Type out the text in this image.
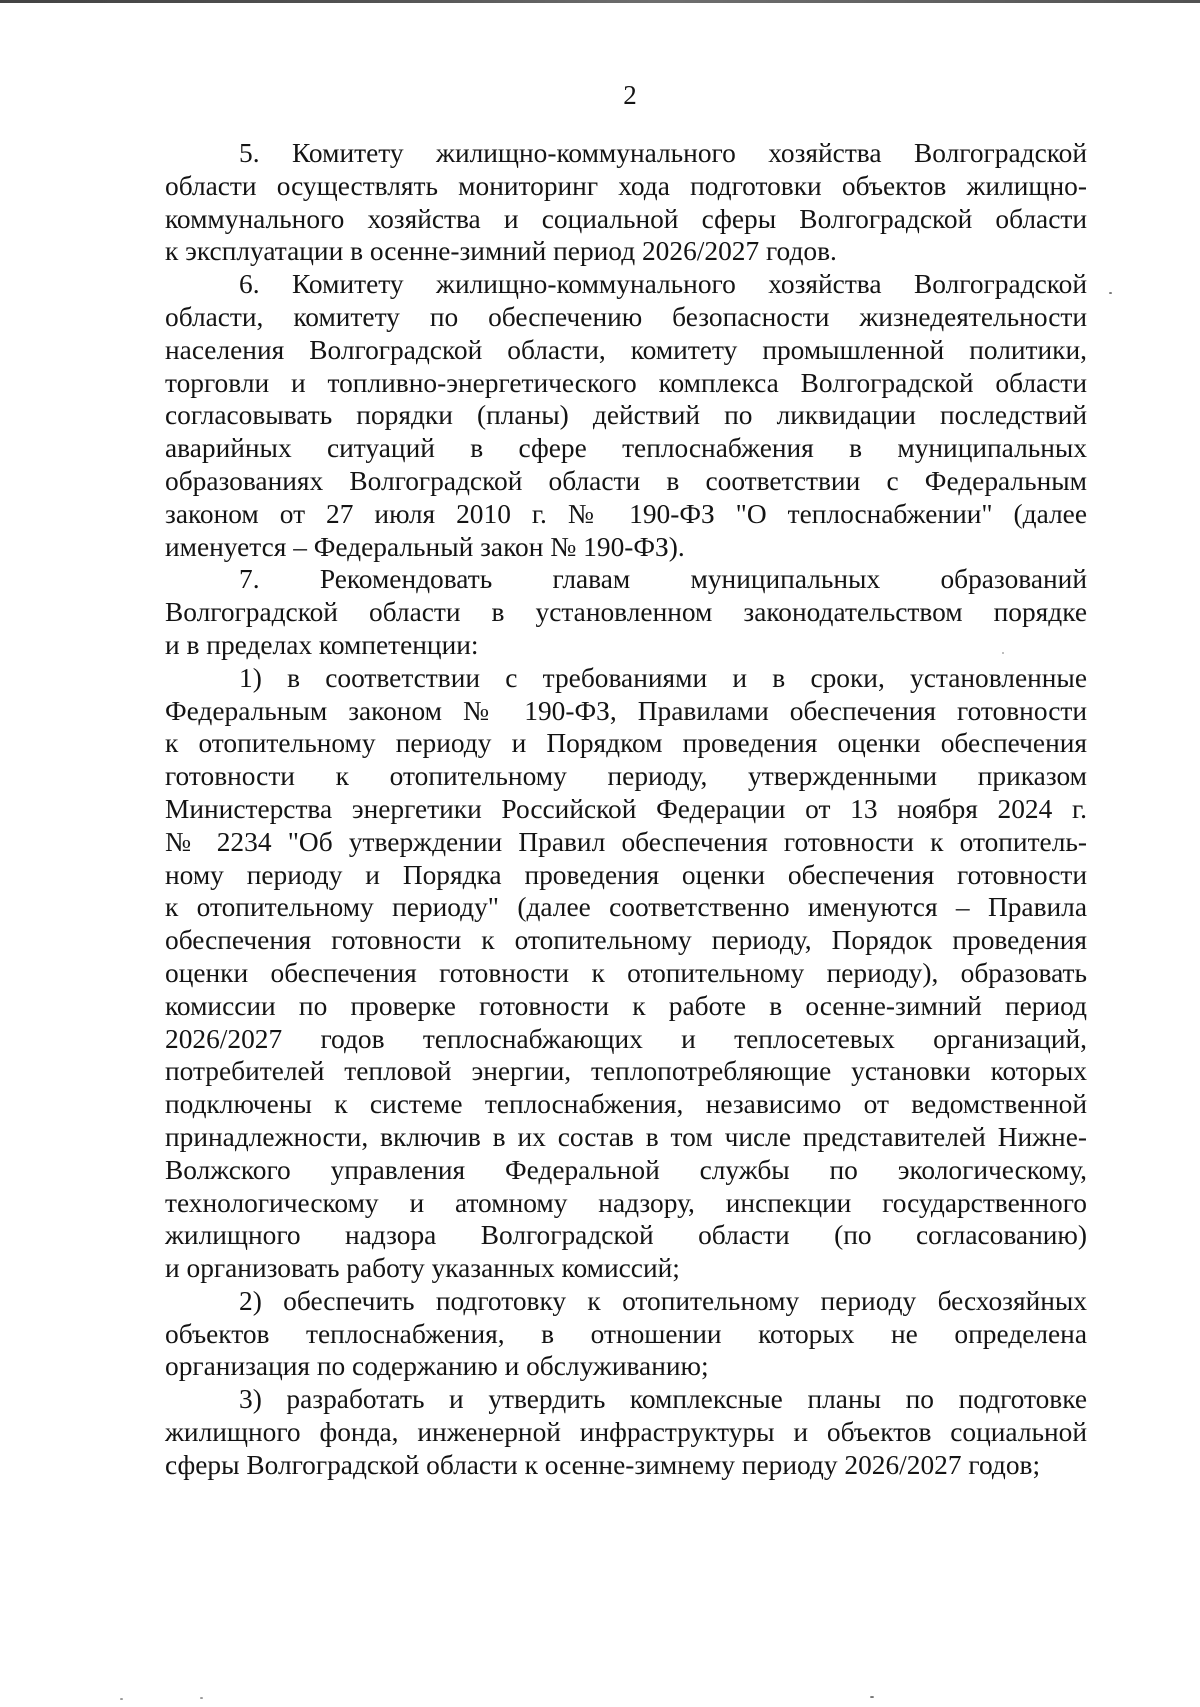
2
5. Комитету жилищно-коммунального хозяйства Волгоградской
области осуществлять мониторинг хода подготовки объектов жилищно-
коммунального хозяйства и социальной сферы Волгоградской области
к эксплуатации в осенне-зимний период 2026/2027 годов.
6. Комитету жилищно-коммунального хозяйства Волгоградской
области, комитету по обеспечению безопасности жизнедеятельности
населения Волгоградской области, комитету промышленной политики,
торговли и топливно-энергетического комплекса Волгоградской области
согласовывать порядки (планы) действий по ликвидации последствий
аварийных ситуаций в сфере теплоснабжения в муниципальных
образованиях Волгоградской области в соответствии с Федеральным
законом от 27 июля 2010 г. № 190-ФЗ "О теплоснабжении" (далее
именуется – Федеральный закон № 190-ФЗ).
7. Рекомендовать главам муниципальных образований
Волгоградской области в установленном законодательством порядке
и в пределах компетенции:
1) в соответствии с требованиями и в сроки, установленные
Федеральным законом № 190-ФЗ, Правилами обеспечения готовности
к отопительному периоду и Порядком проведения оценки обеспечения
готовности к отопительному периоду, утвержденными приказом
Министерства энергетики Российской Федерации от 13 ноября 2024 г.
№ 2234 "Об утверждении Правил обеспечения готовности к отопитель-
ному периоду и Порядка проведения оценки обеспечения готовности
к отопительному периоду" (далее соответственно именуются – Правила
обеспечения готовности к отопительному периоду, Порядок проведения
оценки обеспечения готовности к отопительному периоду), образовать
комиссии по проверке готовности к работе в осенне-зимний период
2026/2027 годов теплоснабжающих и теплосетевых организаций,
потребителей тепловой энергии, теплопотребляющие установки которых
подключены к системе теплоснабжения, независимо от ведомственной
принадлежности, включив в их состав в том числе представителей Нижне-
Волжского управления Федеральной службы по экологическому,
технологическому и атомному надзору, инспекции государственного
жилищного надзора Волгоградской области (по согласованию)
и организовать работу указанных комиссий;
2) обеспечить подготовку к отопительному периоду бесхозяйных
объектов теплоснабжения, в отношении которых не определена
организация по содержанию и обслуживанию;
3) разработать и утвердить комплексные планы по подготовке
жилищного фонда, инженерной инфраструктуры и объектов социальной
сферы Волгоградской области к осенне-зимнему периоду 2026/2027 годов;
